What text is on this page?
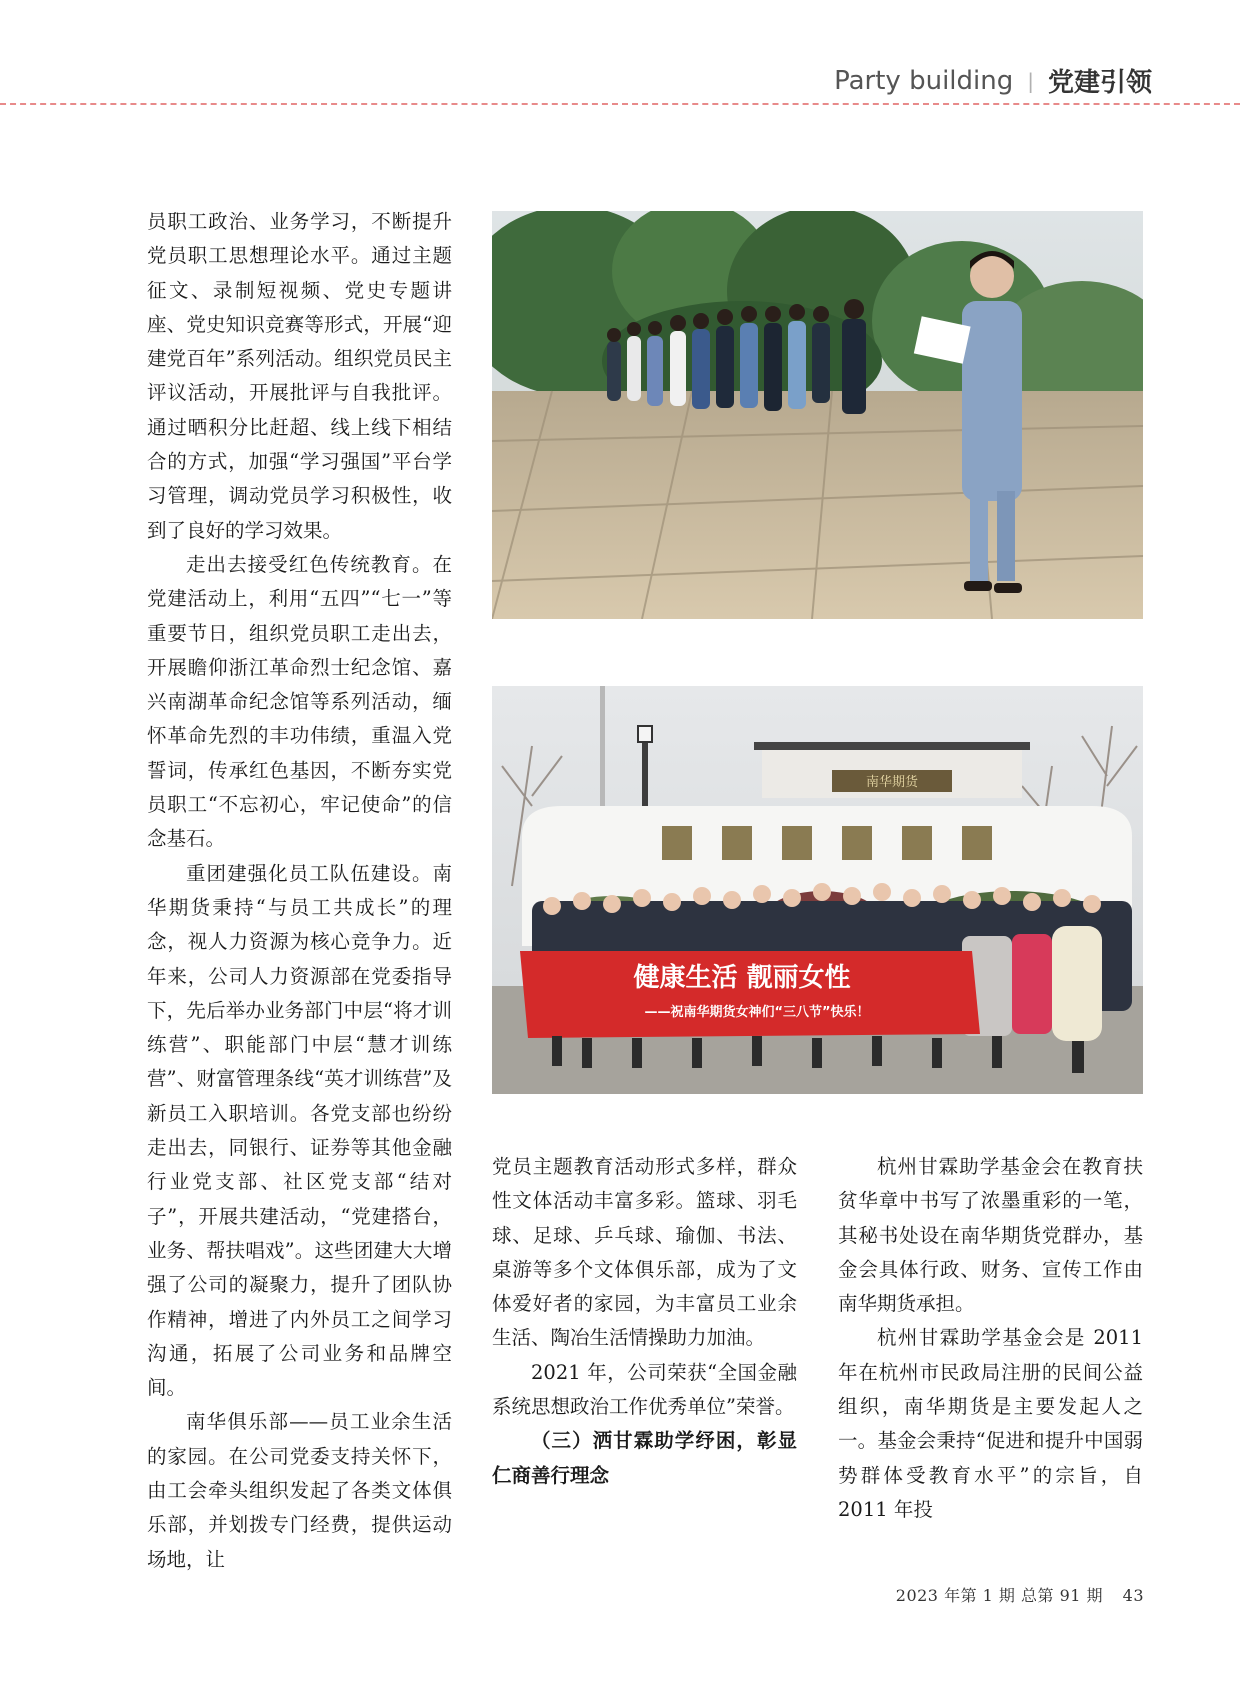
Party building | 党建引领

员职工政治、业务学习，不断提升党员职工思想理论水平。通过主题征文、录制短视频、党史专题讲座、党史知识竞赛等形式，开展“迎建党百年”系列活动。组织党员民主评议活动，开展批评与自我批评。通过晒积分比赶超、线上线下相结合的方式，加强“学习强国”平台学习管理，调动党员学习积极性，收到了良好的学习效果。

走出去接受红色传统教育。在党建活动上，利用“五四”“七一”等重要节日，组织党员职工走出去，开展瞻仰浙江革命烈士纪念馆、嘉兴南湖革命纪念馆等系列活动，缅怀革命先烈的丰功伟绩，重温入党誓词，传承红色基因，不断夯实党员职工“不忘初心，牢记使命”的信念基石。

重团建强化员工队伍建设。南华期货秉持“与员工共成长”的理念，视人力资源为核心竞争力。近年来，公司人力资源部在党委指导下，先后举办业务部门中层“将才训练营”、职能部门中层“慧才训练营”、财富管理条线“英才训练营”及新员工入职培训。各党支部也纷纷走出去，同银行、证券等其他金融行业党支部、社区党支部“结对子”，开展共建活动，“党建搭台，业务、帮扶唱戏”。这些团建大大增强了公司的凝聚力，提升了团队协作精神，增进了内外员工之间学习沟通，拓展了公司业务和品牌空间。

南华俱乐部——员工业余生活的家园。在公司党委支持关怀下，由工会牵头组织发起了各类文体俱乐部，并划拨专门经费，提供运动场地，让

南华期货
健康生活 靓丽女性
——祝南华期货女神们“三八节”快乐！

党员主题教育活动形式多样，群众性文体活动丰富多彩。篮球、羽毛球、足球、乒乓球、瑜伽、书法、桌游等多个文体俱乐部，成为了文体爱好者的家园，为丰富员工业余生活、陶冶生活情操助力加油。

2021 年，公司荣获“全国金融系统思想政治工作优秀单位”荣誉。

（三）洒甘霖助学纾困，彰显仁商善行理念

杭州甘霖助学基金会在教育扶贫华章中书写了浓墨重彩的一笔，其秘书处设在南华期货党群办，基金会具体行政、财务、宣传工作由南华期货承担。

杭州甘霖助学基金会是 2011 年在杭州市民政局注册的民间公益组织，南华期货是主要发起人之一。基金会秉持“促进和提升中国弱势群体受教育水平”的宗旨，自 2011 年投

2023 年第 1 期 总第 91 期 43
